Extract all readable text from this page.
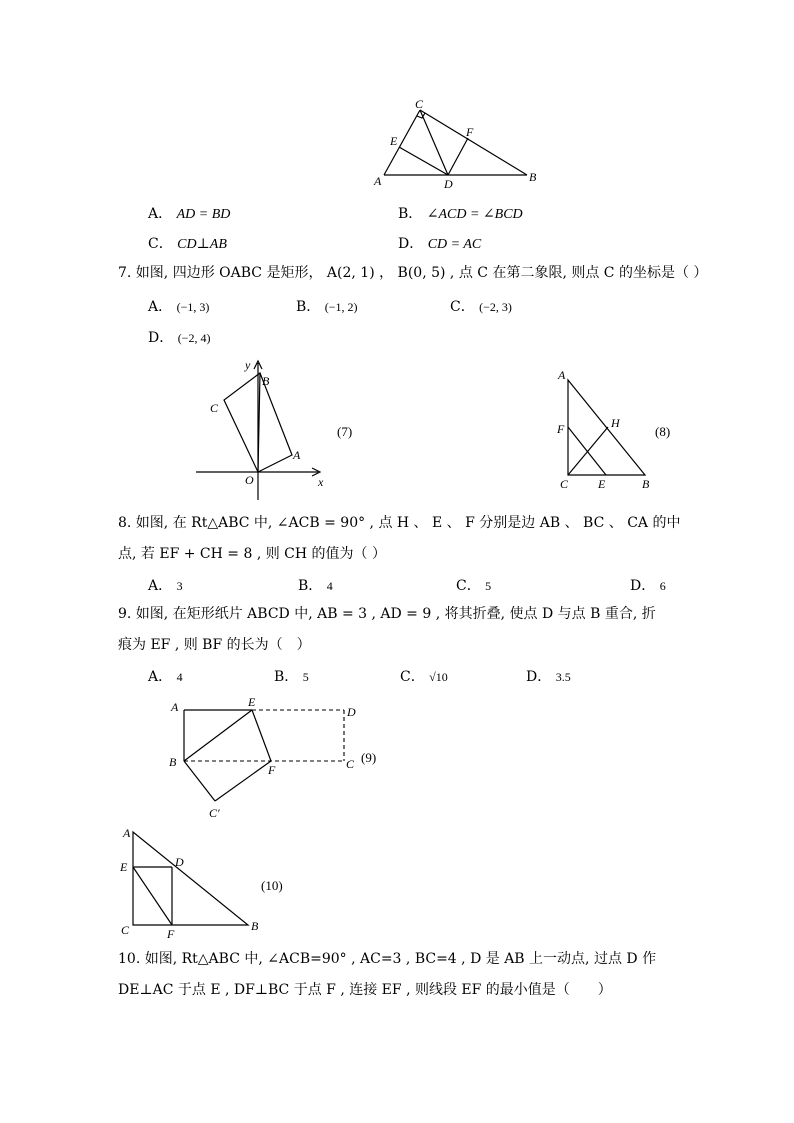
C
E
F
A	D	B
A． AD = BD	B． ∠ACD = ∠BCD
C． CD⊥AB	D． CD = AC
7. 如图, 四边形 OABC 是矩形， A(2, 1) ， B(0, 5) , 点 C 在第二象限, 则点 C 的坐标是（ ）
A． (−1, 3)	B． (−1, 2)	C． (−2, 3)
D． (−2, 4)
y
B
C
A
O	x
(7)
A
H
F
C E	B
(8)
8. 如图, 在 Rt△ABC 中, ∠ACB = 90° , 点 H 、 E 、 F 分别是边 AB 、 BC 、 CA 的中
点, 若 EF + CH = 8 , 则 CH 的值为（ ）
A． 3	B． 4	C． 5	D． 6
9. 如图, 在矩形纸片 ABCD 中, AB = 3 , AD = 9 , 将其折叠, 使点 D 与点 B 重合, 折
痕为 EF , 则 BF 的长为（　）
A． 4	B． 5	C． √10	D． 3.5
A	E
D
B
F	C
C′
(9)
A
E	D
C	F
B
(10)
10. 如图, Rt△ABC 中, ∠ACB=90° , AC=3 , BC=4 , D 是 AB 上一动点, 过点 D 作
DE⊥AC 于点 E , DF⊥BC 于点 F , 连接 EF , 则线段 EF 的最小值是（　　）
